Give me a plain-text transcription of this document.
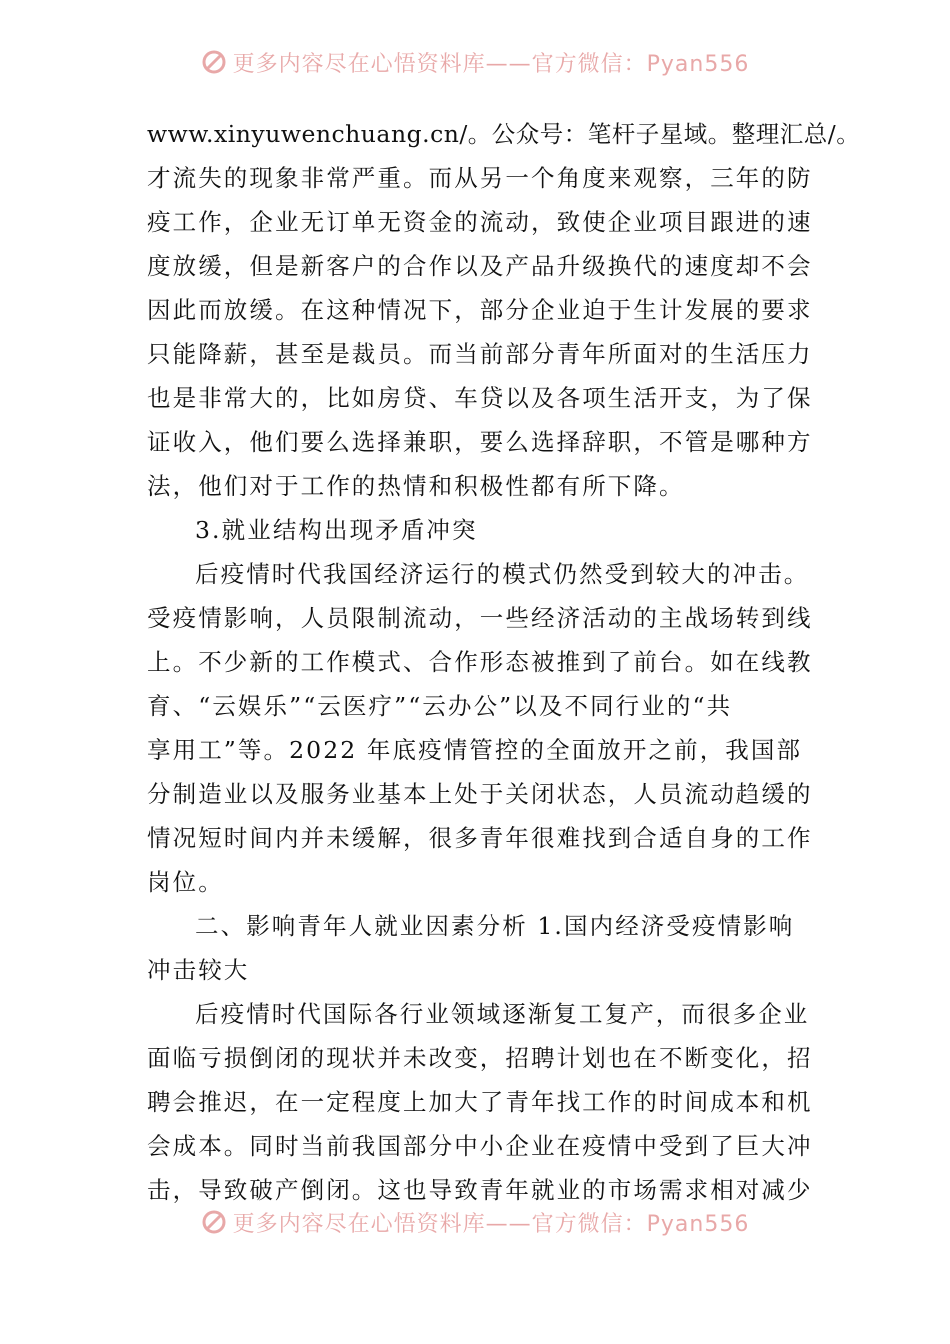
更多内容尽在心悟资料库——官方微信：Pyan556
www.xinyuwenchuang.cn/。公众号：笔杆子星域。整理汇总/。
才流失的现象非常严重。而从另一个角度来观察，三年的防
疫工作，企业无订单无资金的流动，致使企业项目跟进的速
度放缓，但是新客户的合作以及产品升级换代的速度却不会
因此而放缓。在这种情况下，部分企业迫于生计发展的要求
只能降薪，甚至是裁员。而当前部分青年所面对的生活压力
也是非常大的，比如房贷、车贷以及各项生活开支，为了保
证收入，他们要么选择兼职，要么选择辞职，不管是哪种方
法，他们对于工作的热情和积极性都有所下降。
3.就业结构出现矛盾冲突
后疫情时代我国经济运行的模式仍然受到较大的冲击。
受疫情影响，人员限制流动，一些经济活动的主战场转到线
上。不少新的工作模式、合作形态被推到了前台。如在线教
育、“云娱乐”“云医疗”“云办公”以及不同行业的“共
享用工”等。2022 年底疫情管控的全面放开之前，我国部
分制造业以及服务业基本上处于关闭状态，人员流动趋缓的
情况短时间内并未缓解，很多青年很难找到合适自身的工作
岗位。
二、影响青年人就业因素分析 1.国内经济受疫情影响
冲击较大
后疫情时代国际各行业领域逐渐复工复产，而很多企业
面临亏损倒闭的现状并未改变，招聘计划也在不断变化，招
聘会推迟，在一定程度上加大了青年找工作的时间成本和机
会成本。同时当前我国部分中小企业在疫情中受到了巨大冲
击，导致破产倒闭。这也导致青年就业的市场需求相对减少
更多内容尽在心悟资料库——官方微信：Pyan556
